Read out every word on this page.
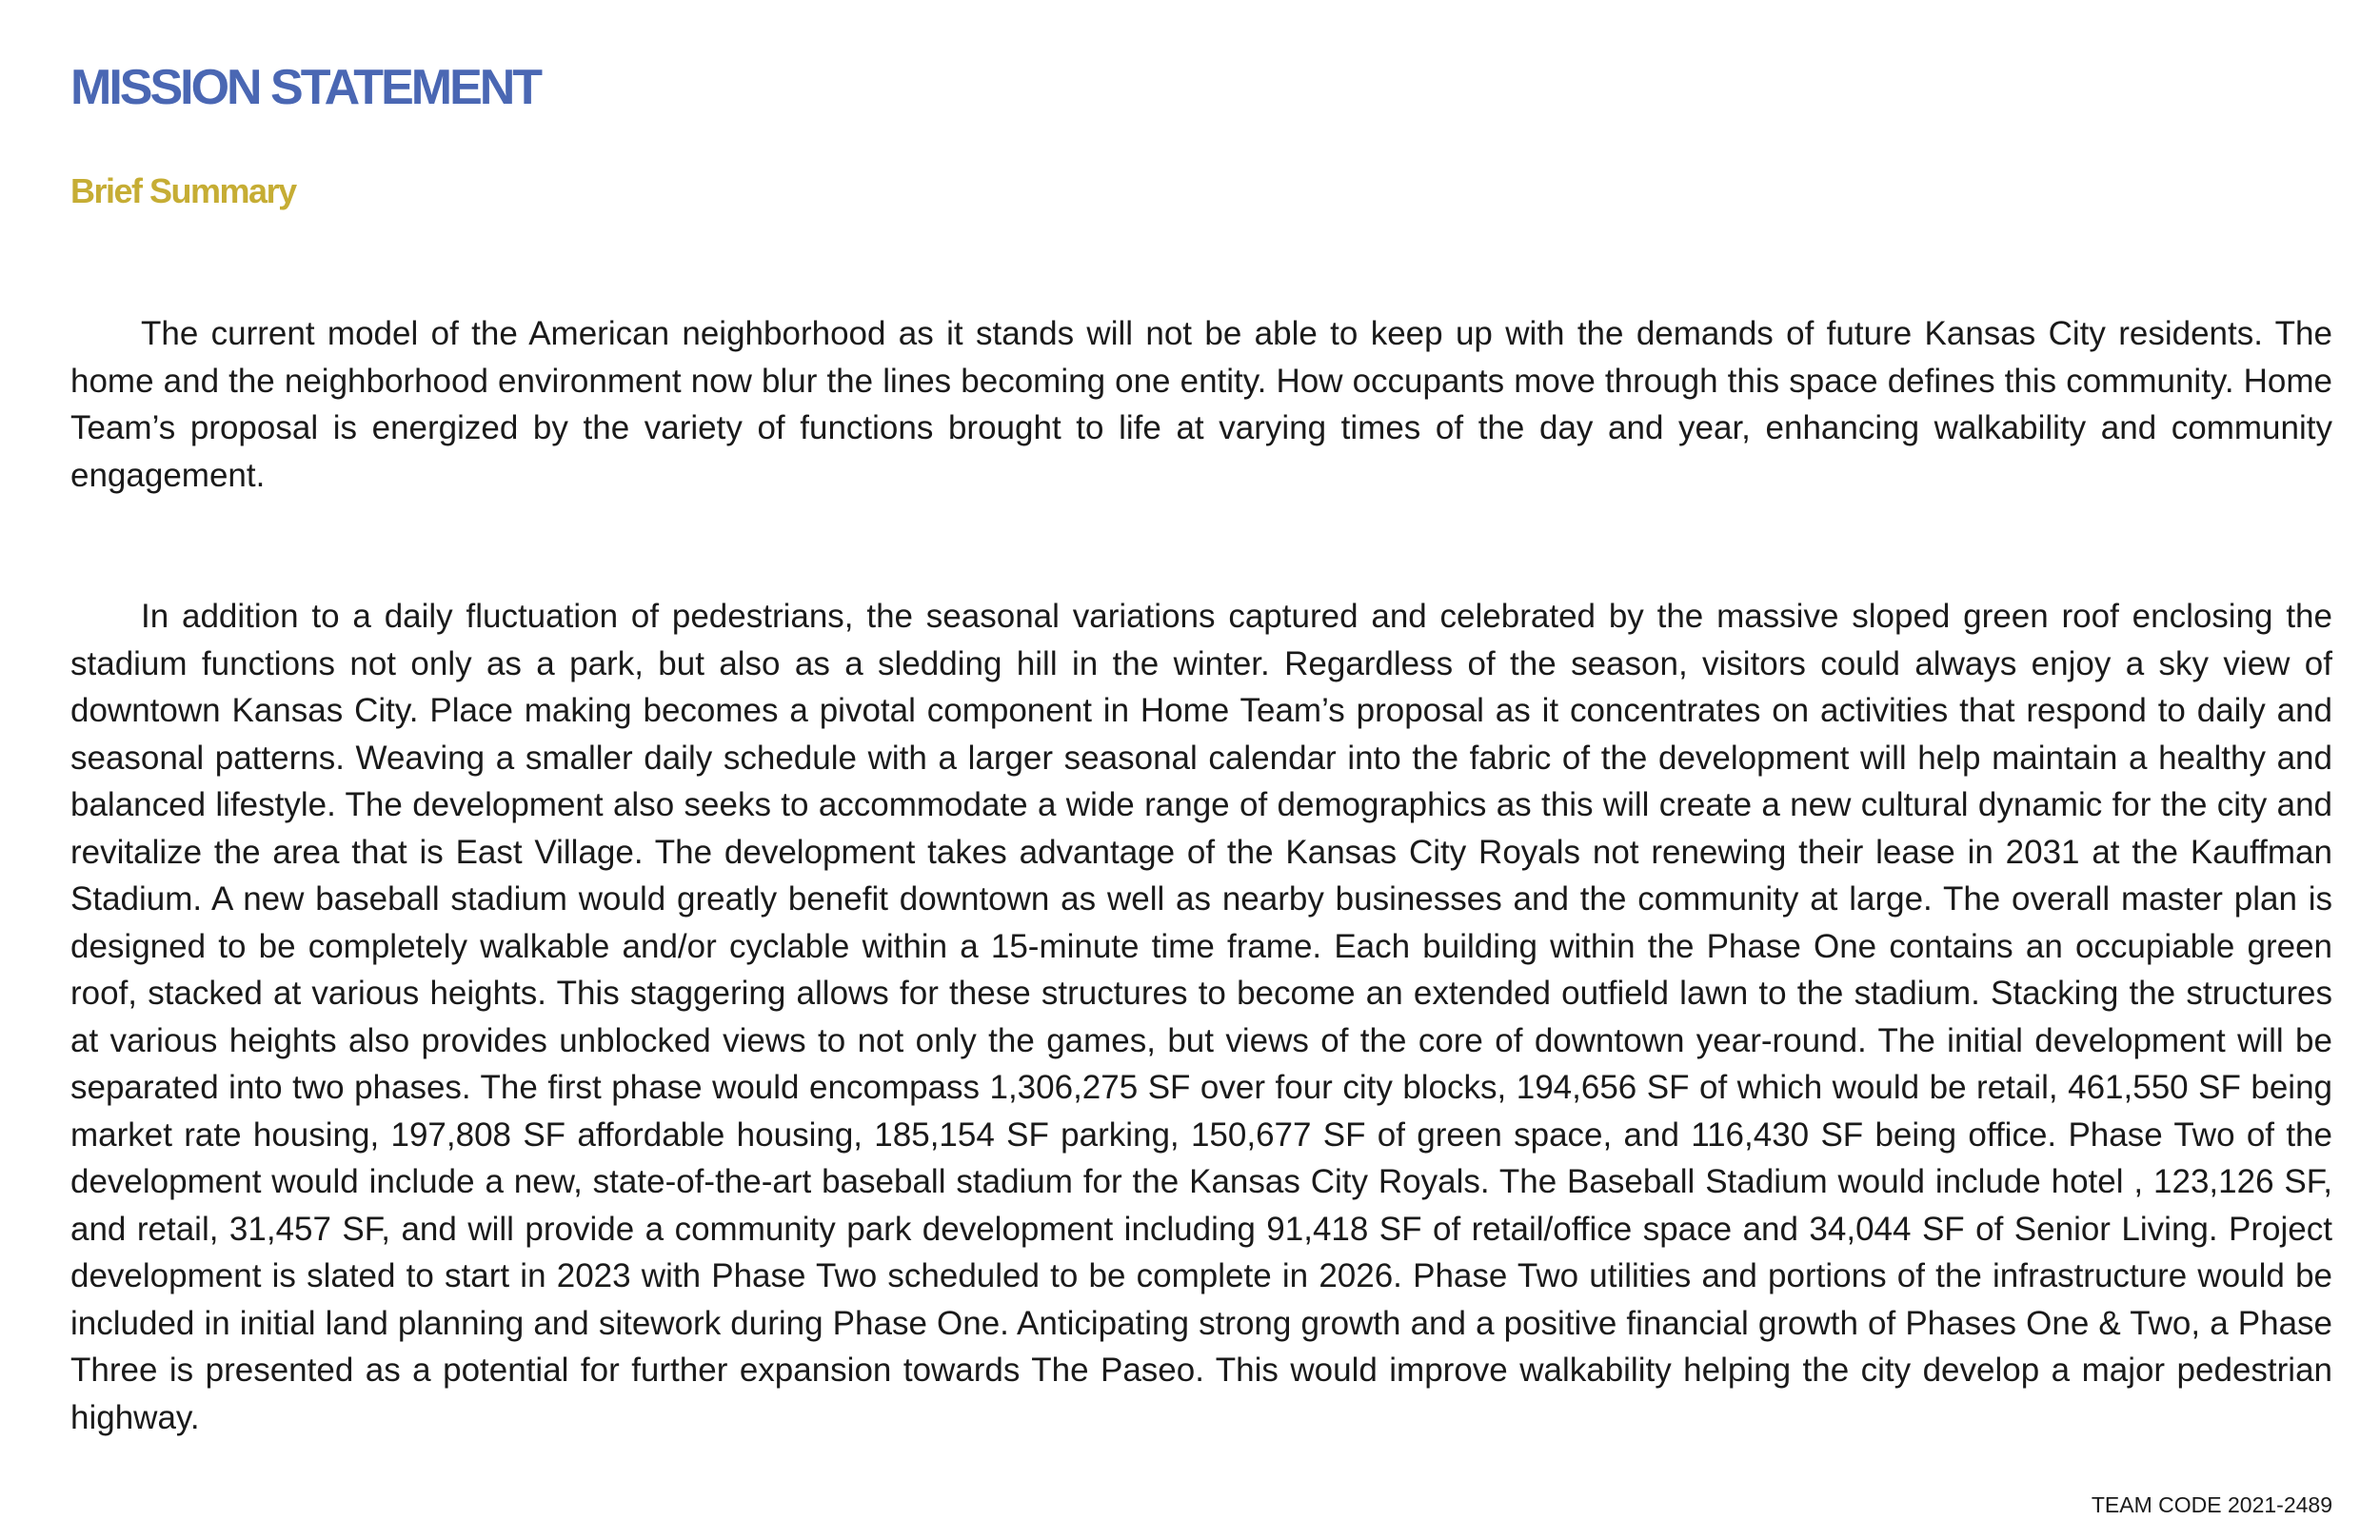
MISSION STATEMENT
Brief Summary

The current model of the American neighborhood as it stands will not be able to keep up with the demands of future Kansas City residents. The home and the neighborhood environment now blur the lines becoming one entity. How occupants move through this space defines this community. Home Team’s proposal is energized by the variety of functions brought to life at varying times of the day and year, enhancing walkability and community engagement.

In addition to a daily fluctuation of pedestrians, the seasonal variations captured and celebrated by the massive sloped green roof enclosing the stadium functions not only as a park, but also as a sledding hill in the winter. Regardless of the season, visitors could always enjoy a sky view of downtown Kansas City. Place making becomes a pivotal component in Home Team’s proposal as it concentrates on activities that respond to daily and seasonal patterns. Weaving a smaller daily schedule with a larger seasonal calendar into the fabric of the development will help maintain a healthy and balanced lifestyle. The development also seeks to accommodate a wide range of demographics as this will create a new cultural dynamic for the city and revitalize the area that is East Village. The development takes advantage of the Kansas City Royals not renewing their lease in 2031 at the Kauffman Stadium. A new baseball stadium would greatly benefit downtown as well as nearby businesses and the community at large. The overall master plan is designed to be completely walkable and/or cyclable within a 15-minute time frame. Each building within the Phase One contains an occupiable green roof, stacked at various heights. This staggering allows for these structures to become an extended outfield lawn to the stadium. Stacking the structures at various heights also provides unblocked views to not only the games, but views of the core of downtown year-round. The initial development will be separated into two phases. The first phase would encompass 1,306,275 SF over four city blocks, 194,656 SF of which would be retail, 461,550 SF being market rate housing, 197,808 SF affordable housing, 185,154 SF parking, 150,677 SF of green space, and 116,430 SF being office. Phase Two of the development would include a new, state-of-the-art baseball stadium for the Kansas City Royals. The Baseball Stadium would include hotel , 123,126 SF, and retail, 31,457 SF, and will provide a community park development including 91,418 SF of retail/office space and 34,044 SF of Senior Living. Project development is slated to start in 2023 with Phase Two scheduled to be complete in 2026. Phase Two utilities and portions of the infrastructure would be included in initial land planning and sitework during Phase One. Anticipating strong growth and a positive financial growth of Phases One & Two, a Phase Three is presented as a potential for further expansion towards The Paseo. This would improve walkability helping the city develop a major pedestrian highway.

TEAM CODE 2021-2489
